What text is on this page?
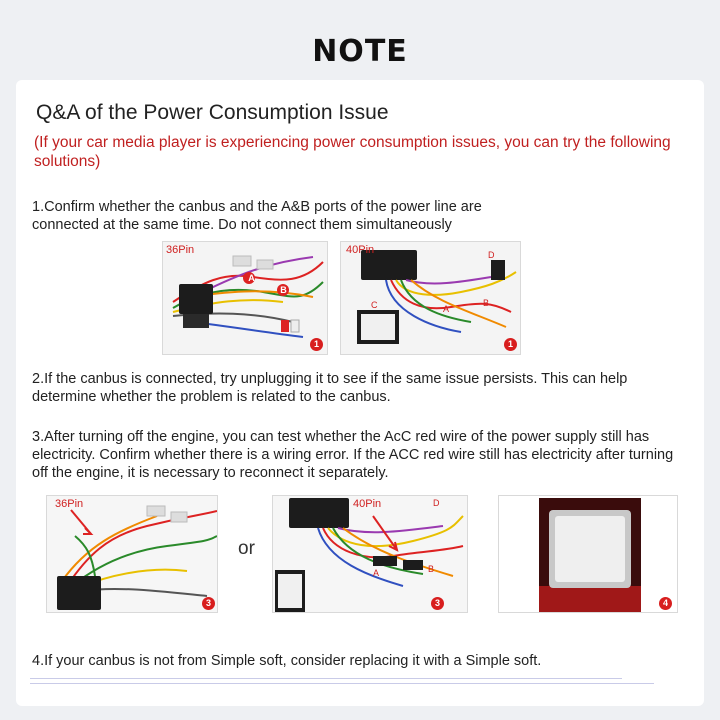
NOTE
Q&A of the Power Consumption Issue
(If your car media player is experiencing power consumption issues, you can try the following solutions)
1.Confirm whether the canbus and the A&B ports of the power line are connected at the same time. Do not connect them simultaneously
36Pin
A
B
1
40Pin
C
D
A
B
1
2.If the canbus is connected, try unplugging it to see if the same issue persists. This can help determine whether the problem is related to the canbus.
3.After turning off the engine, you can test whether the AcC red wire of the power supply still has electricity. Confirm whether there is a wiring error. If the ACC red wire still has electricity after turning off the engine, it is necessary to reconnect it separately.
36Pin
3
or
40Pin
A	B
D
3	4
4.If your canbus is not from Simple soft, consider replacing it with a Simple soft.
